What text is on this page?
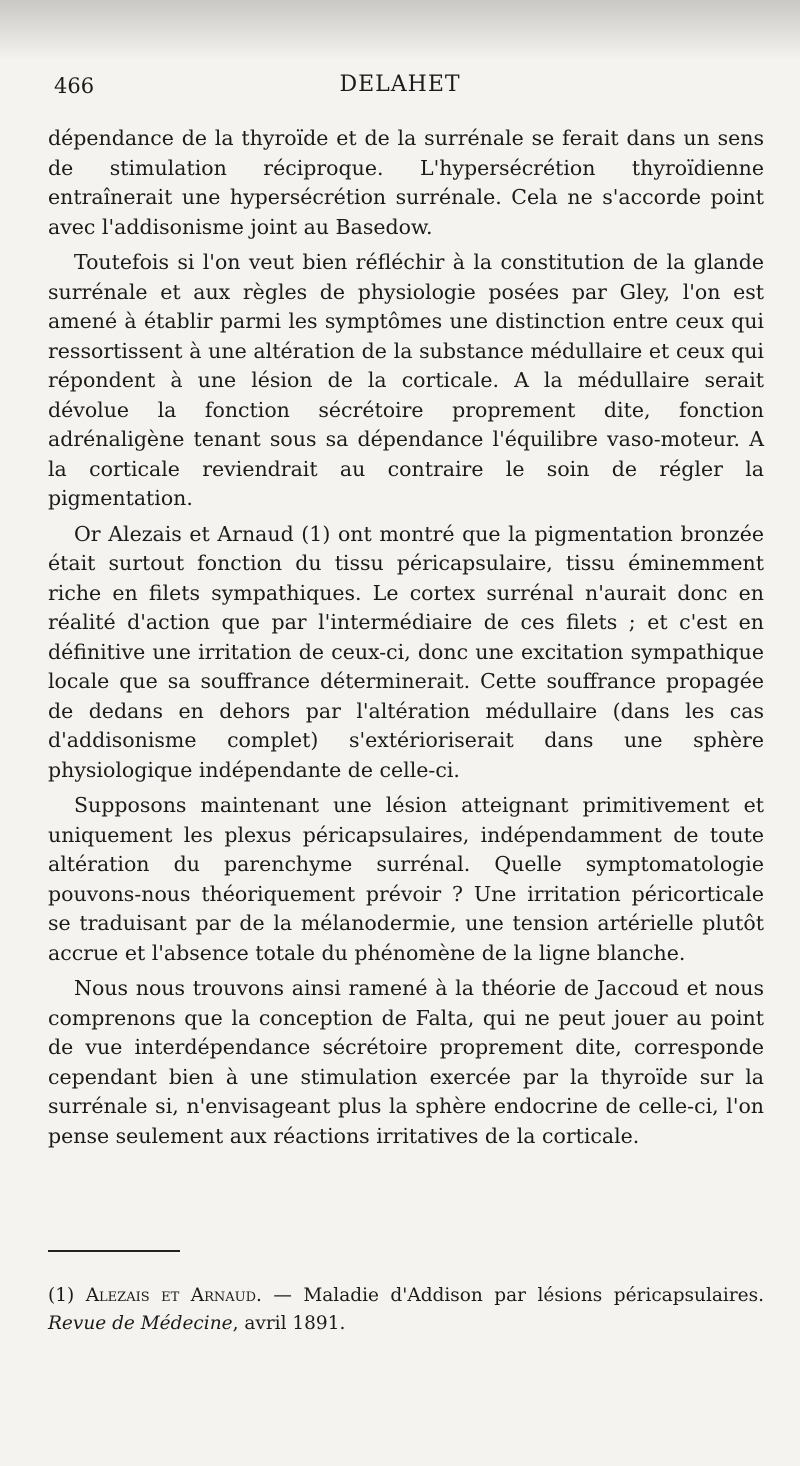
466	DELAHET

dépendance de la thyroïde et de la surrénale se ferait dans un sens de stimulation réciproque. L'hypersécrétion thyroïdienne entraînerait une hypersécrétion surrénale. Cela ne s'accorde point avec l'addisonisme joint au Basedow.

Toutefois si l'on veut bien réfléchir à la constitution de la glande surrénale et aux règles de physiologie posées par Gley, l'on est amené à établir parmi les symptômes une distinction entre ceux qui ressortissent à une altération de la substance médullaire et ceux qui répondent à une lésion de la corticale. A la médullaire serait dévolue la fonction sécrétoire proprement dite, fonction adrénaligène tenant sous sa dépendance l'équilibre vaso-moteur. A la corticale reviendrait au contraire le soin de régler la pigmentation.

Or Alezais et Arnaud (1) ont montré que la pigmentation bronzée était surtout fonction du tissu péricapsulaire, tissu éminemment riche en filets sympathiques. Le cortex surrénal n'aurait donc en réalité d'action que par l'intermédiaire de ces filets ; et c'est en définitive une irritation de ceux-ci, donc une excitation sympathique locale que sa souffrance déterminerait. Cette souffrance propagée de dedans en dehors par l'altération médullaire (dans les cas d'addisonisme complet) s'extérioriserait dans une sphère physiologique indépendante de celle-ci.

Supposons maintenant une lésion atteignant primitivement et uniquement les plexus péricapsulaires, indépendamment de toute altération du parenchyme surrénal. Quelle symptomatologie pouvons-nous théoriquement prévoir ? Une irritation péricorticale se traduisant par de la mélanodermie, une tension artérielle plutôt accrue et l'absence totale du phénomène de la ligne blanche.

Nous nous trouvons ainsi ramené à la théorie de Jaccoud et nous comprenons que la conception de Falta, qui ne peut jouer au point de vue interdépendance sécrétoire proprement dite, corresponde cependant bien à une stimulation exercée par la thyroïde sur la surrénale si, n'envisageant plus la sphère endocrine de celle-ci, l'on pense seulement aux réactions irritatives de la corticale.

(1) Alezais et Arnaud. — Maladie d'Addison par lésions péricapsulaires. Revue de Médecine, avril 1891.
